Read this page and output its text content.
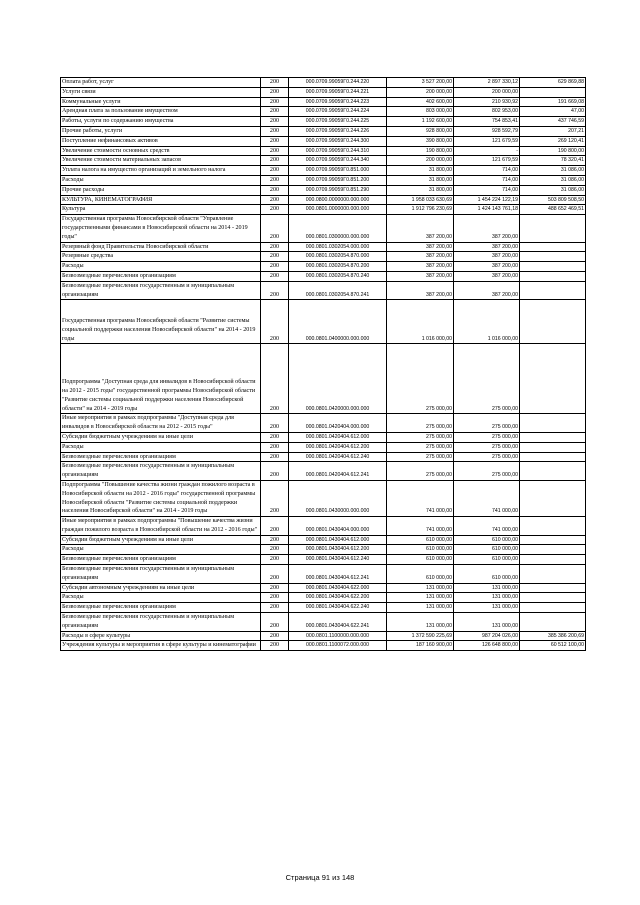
Оплата работ, услуг	200	000.0709.99059Г0.244.220	3 527 200,00	2 897 330,12	629 869,88
Услуги связи	200	000.0709.99059Г0.244.221	200 000,00	200 000,00	
Коммунальные услуги	200	000.0709.99059Г0.244.223	402 600,00	210 930,92	191 669,08
Арендная плата за пользование имуществом	200	000.0709.99059Г0.244.224	803 000,00	802 953,00	47,00
Работы, услуги по содержанию имущества	200	000.0709.99059Г0.244.225	1 192 600,00	754 853,41	437 746,59
Прочие работы, услуги	200	000.0709.99059Г0.244.226	928 800,00	928 592,79	207,21
Поступление нефинансовых активов	200	000.0709.99059Г0.244.300	390 800,00	121 679,59	269 120,41
Увеличение стоимости основных средств	200	000.0709.99059Г0.244.310	190 800,00	-	190 800,00
Увеличение стоимости материальных запасов	200	000.0709.99059Г0.244.340	200 000,00	121 679,59	78 320,41
Уплата налога на имущество организаций и земельного налога	200	000.0709.99059Г0.851.000	31 800,00	714,00	31 086,00
Расходы	200	000.0709.99059Г0.851.200	31 800,00	714,00	31 086,00
Прочие расходы	200	000.0709.99059Г0.851.290	31 800,00	714,00	31 086,00
КУЛЬТУРА, КИНЕМАТОГРАФИЯ	200	000.0800.0000000.000.000	1 958 033 630,69	1 454 224 122,19	503 809 508,50
Культура	200	000.0801.0000000.000.000	1 912 796 230,69	1 424 143 761,18	488 652 469,51
Государственная программа Новосибирской области "Управление государственными финансами в Новосибирской области на 2014 - 2019 годы"	200	000.0801.0300000.000.000	387 200,00	387 200,00	
Резервный фонд Правительства Новосибирской области	200	000.0801.0302054.000.000	387 200,00	387 200,00	
Резервные средства	200	000.0801.0302054.870.000	387 200,00	387 200,00	
Расходы	200	000.0801.0302054.870.200	387 200,00	387 200,00	
Безвозмездные перечисления организациям	200	000.0801.0302054.870.240	387 200,00	387 200,00	
Безвозмездные перечисления государственным и муниципальным организациям	200	000.0801.0302054.870.241	387 200,00	387 200,00	
Государственная программа Новосибирской области "Развитие системы социальной поддержки населения Новосибирской области" на 2014 - 2019 годы	200	000.0801.0400000.000.000	1 016 000,00	1 016 000,00	
Подпрограмма "Доступная среда для инвалидов в Новосибирской области на 2012 - 2015 годы" государственной программы Новосибирской области "Развитие системы социальной поддержки населения Новосибирской области" на 2014 - 2019 годы	200	000.0801.0420000.000.000	275 000,00	275 000,00	
Иные мероприятия в рамках подпрограммы "Доступная среда для инвалидов в Новосибирской области на 2012 - 2015 годы"	200	000.0801.0420404.000.000	275 000,00	275 000,00	
Субсидии бюджетным учреждениям на иные цели	200	000.0801.0420404.612.000	275 000,00	275 000,00	
Расходы	200	000.0801.0420404.612.200	275 000,00	275 000,00	
Безвозмездные перечисления организациям	200	000.0801.0420404.612.240	275 000,00	275 000,00	
Безвозмездные перечисления государственным и муниципальным организациям	200	000.0801.0420404.612.241	275 000,00	275 000,00	
Подпрограмма "Повышение качества жизни граждан пожилого возраста в Новосибирской области на 2012 - 2016 годы" государственной программы Новосибирской области "Развитие системы социальной поддержки населения Новосибирской области" на 2014 - 2019 годы	200	000.0801.0430000.000.000	741 000,00	741 000,00	
Иные мероприятия в рамках подпрограммы "Повышение качества жизни граждан пожилого возраста в Новосибирской области на 2012 - 2016 годы"	200	000.0801.0430404.000.000	741 000,00	741 000,00	
Субсидии бюджетным учреждениям на иные цели	200	000.0801.0430404.612.000	610 000,00	610 000,00	
Расходы	200	000.0801.0430404.612.200	610 000,00	610 000,00	
Безвозмездные перечисления организациям	200	000.0801.0430404.612.240	610 000,00	610 000,00	
Безвозмездные перечисления государственным и муниципальным организациям	200	000.0801.0430404.612.241	610 000,00	610 000,00	
Субсидии автономным учреждениям на иные цели	200	000.0801.0430404.622.000	131 000,00	131 000,00	
Расходы	200	000.0801.0430404.622.200	131 000,00	131 000,00	
Безвозмездные перечисления организациям	200	000.0801.0430404.622.240	131 000,00	131 000,00	
Безвозмездные перечисления государственным и муниципальным организациям	200	000.0801.0430404.622.241	131 000,00	131 000,00	
Расходы в сфере культуры	200	000.0801.1100000.000.000	1 372 590 225,69	987 204 026,00	385 386 200,69
Учреждения культуры и мероприятия в сфере культуры и кинематографии	200	000.0801.1100072.000.000	187 160 900,00	126 648 800,00	60 512 100,00
Страница 91 из 148
